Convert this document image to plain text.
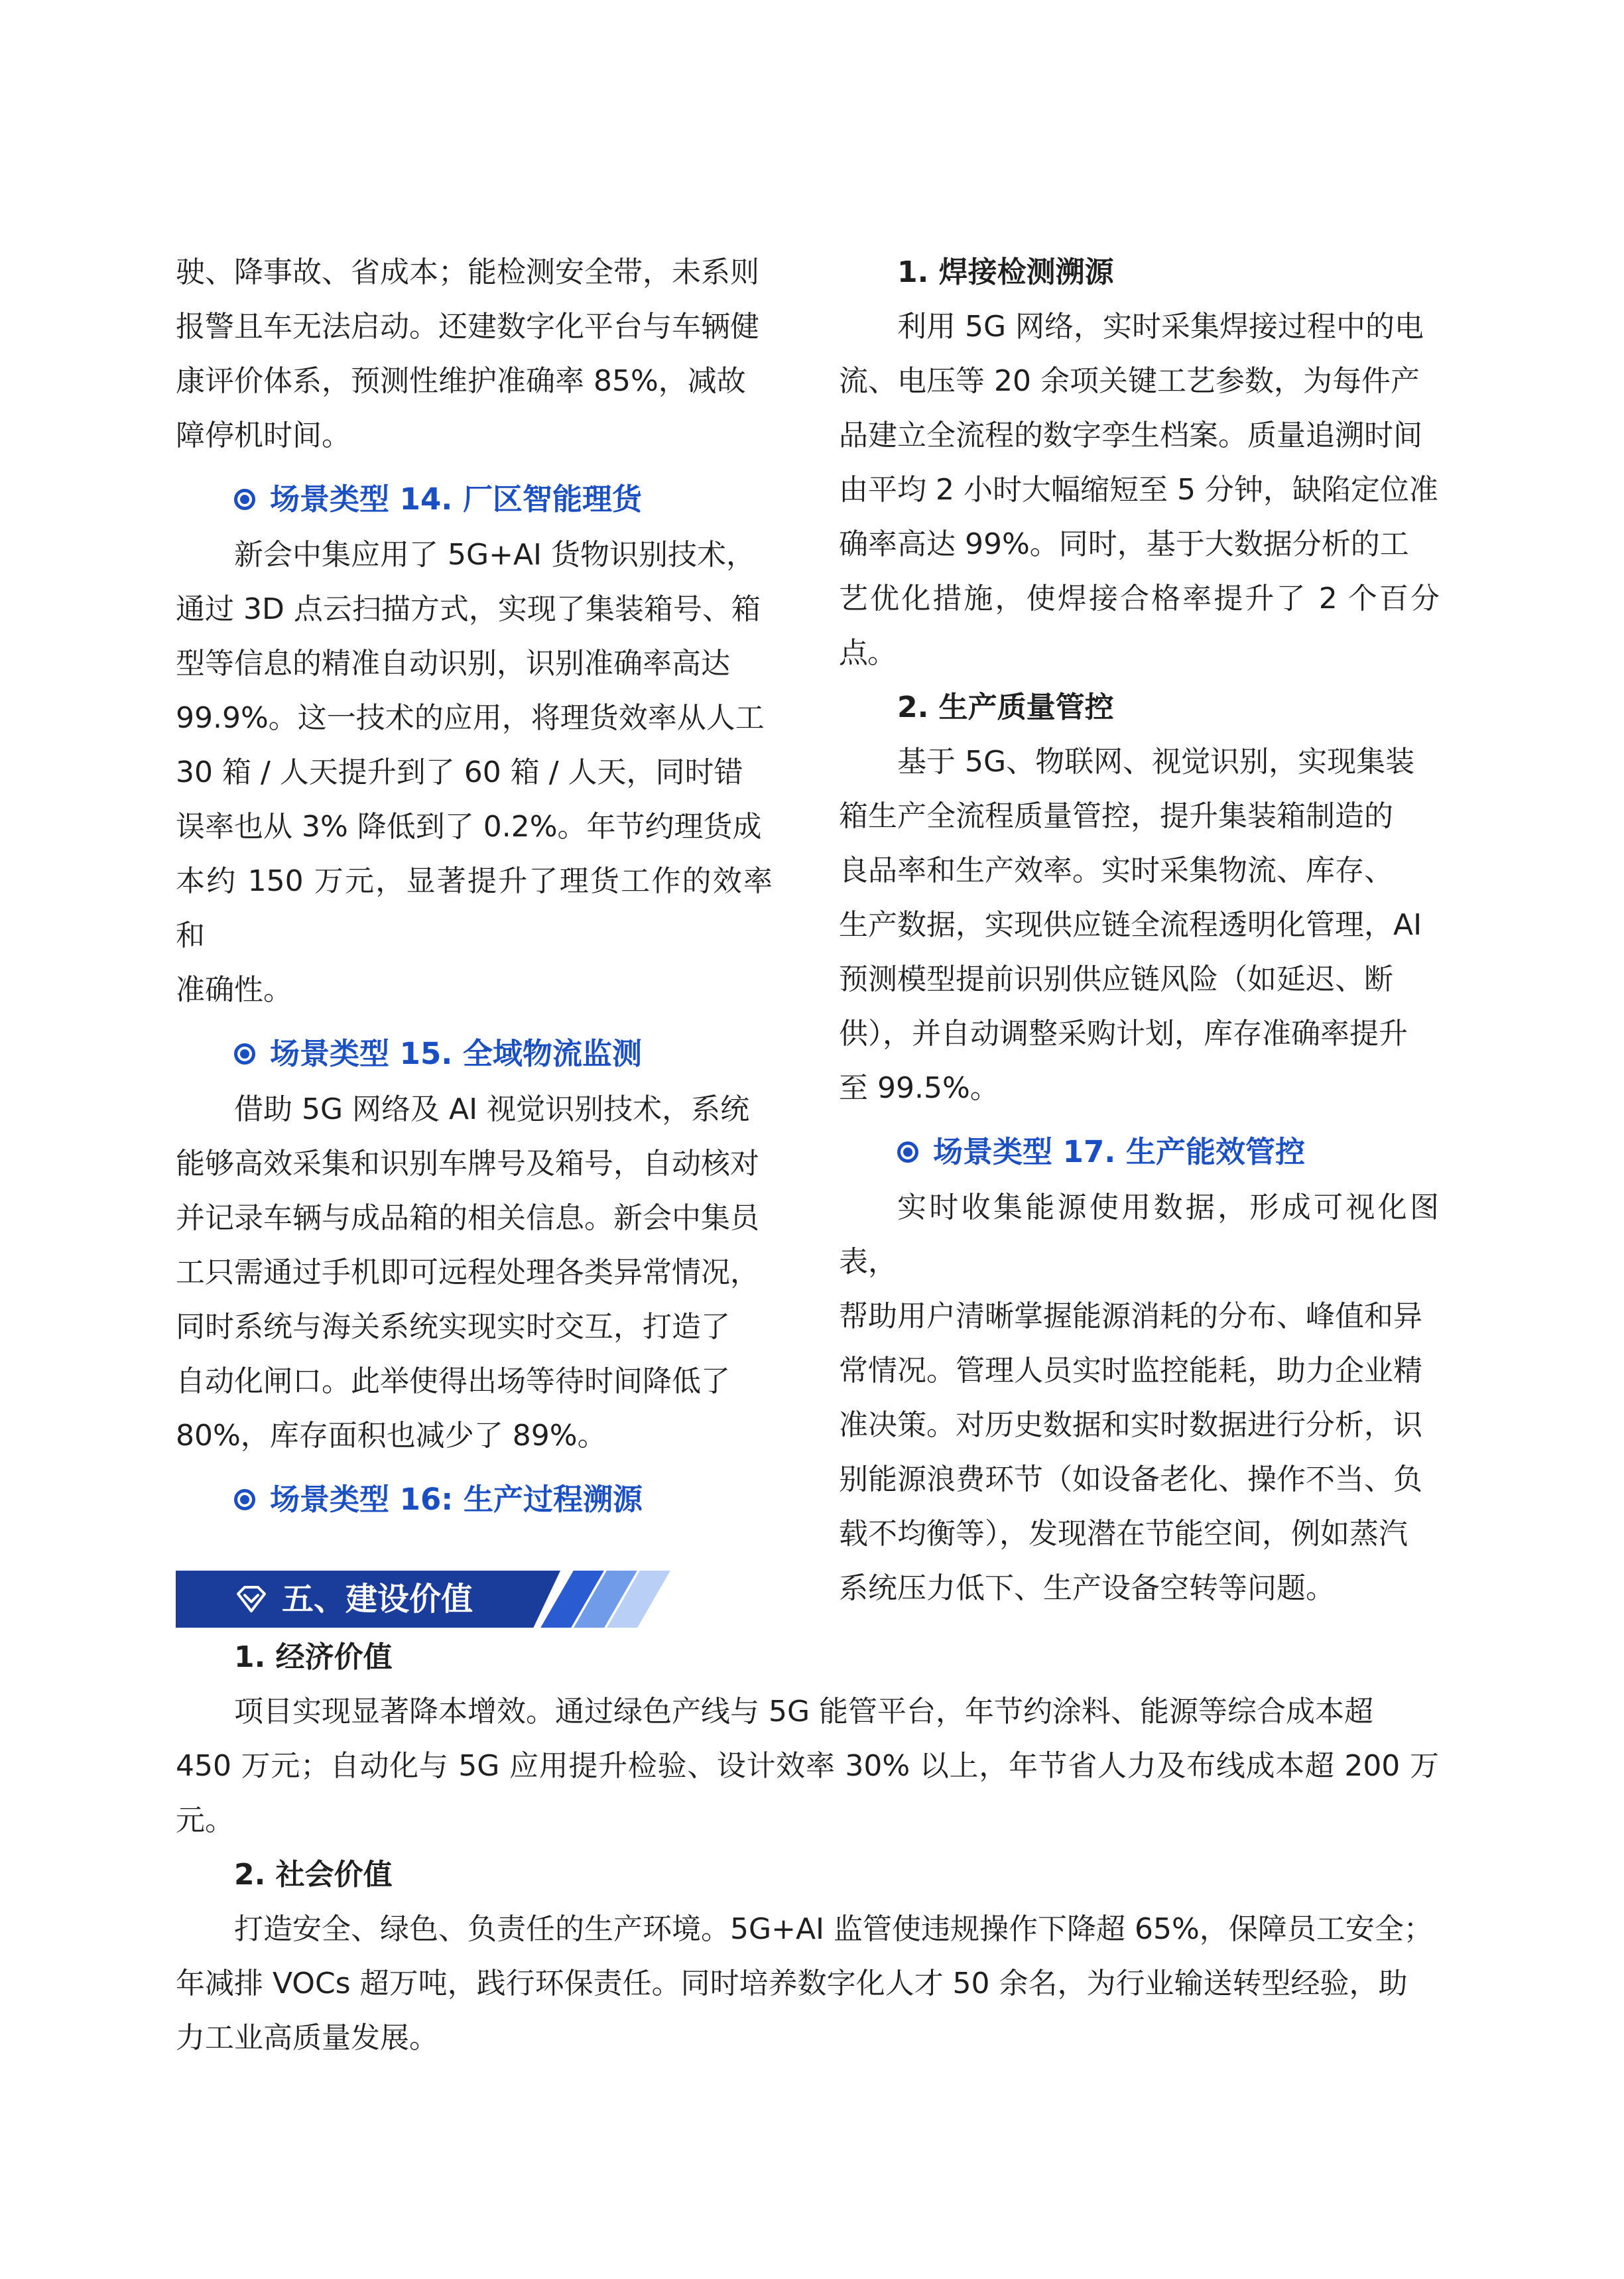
驶、降事故、省成本；能检测安全带，未系则

报警且车无法启动。还建数字化平台与车辆健

康评价体系，预测性维护准确率 85%，减故

障停机时间。

场景类型 14. 厂区智能理货

新会中集应用了 5G+AI 货物识别技术，

通过 3D 点云扫描方式，实现了集装箱号、箱

型等信息的精准自动识别，识别准确率高达

99.9%。这一技术的应用，将理货效率从人工

30 箱 / 人天提升到了 60 箱 / 人天，同时错

误率也从 3% 降低到了 0.2%。年节约理货成

本约 150 万元，显著提升了理货工作的效率和

准确性。

场景类型 15. 全域物流监测

借助 5G 网络及 AI 视觉识别技术，系统

能够高效采集和识别车牌号及箱号，自动核对

并记录车辆与成品箱的相关信息。新会中集员

工只需通过手机即可远程处理各类异常情况，

同时系统与海关系统实现实时交互，打造了

自动化闸口。此举使得出场等待时间降低了

80%，库存面积也减少了 89%。

场景类型 16: 生产过程溯源

1. 焊接检测溯源

利用 5G 网络，实时采集焊接过程中的电

流、电压等 20 余项关键工艺参数，为每件产

品建立全流程的数字孪生档案。质量追溯时间

由平均 2 小时大幅缩短至 5 分钟，缺陷定位准

确率高达 99%。同时，基于大数据分析的工

艺优化措施，使焊接合格率提升了 2 个百分点。

2. 生产质量管控

基于 5G、物联网、视觉识别，实现集装

箱生产全流程质量管控，提升集装箱制造的

良品率和生产效率。实时采集物流、库存、

生产数据，实现供应链全流程透明化管理，AI

预测模型提前识别供应链风险（如延迟、断

供），并自动调整采购计划，库存准确率提升

至 99.5%。

场景类型 17. 生产能效管控

实时收集能源使用数据，形成可视化图表，

帮助用户清晰掌握能源消耗的分布、峰值和异

常情况。管理人员实时监控能耗，助力企业精

准决策。对历史数据和实时数据进行分析，识

别能源浪费环节（如设备老化、操作不当、负

载不均衡等），发现潜在节能空间，例如蒸汽

系统压力低下、生产设备空转等问题。

五、建设价值

1. 经济价值

项目实现显著降本增效。通过绿色产线与 5G 能管平台，年节约涂料、能源等综合成本超

450 万元；自动化与 5G 应用提升检验、设计效率 30% 以上，年节省人力及布线成本超 200 万元。

2. 社会价值

打造安全、绿色、负责任的生产环境。5G+AI 监管使违规操作下降超 65%，保障员工安全；

年减排 VOCs 超万吨，践行环保责任。同时培养数字化人才 50 余名，为行业输送转型经验，助

力工业高质量发展。
